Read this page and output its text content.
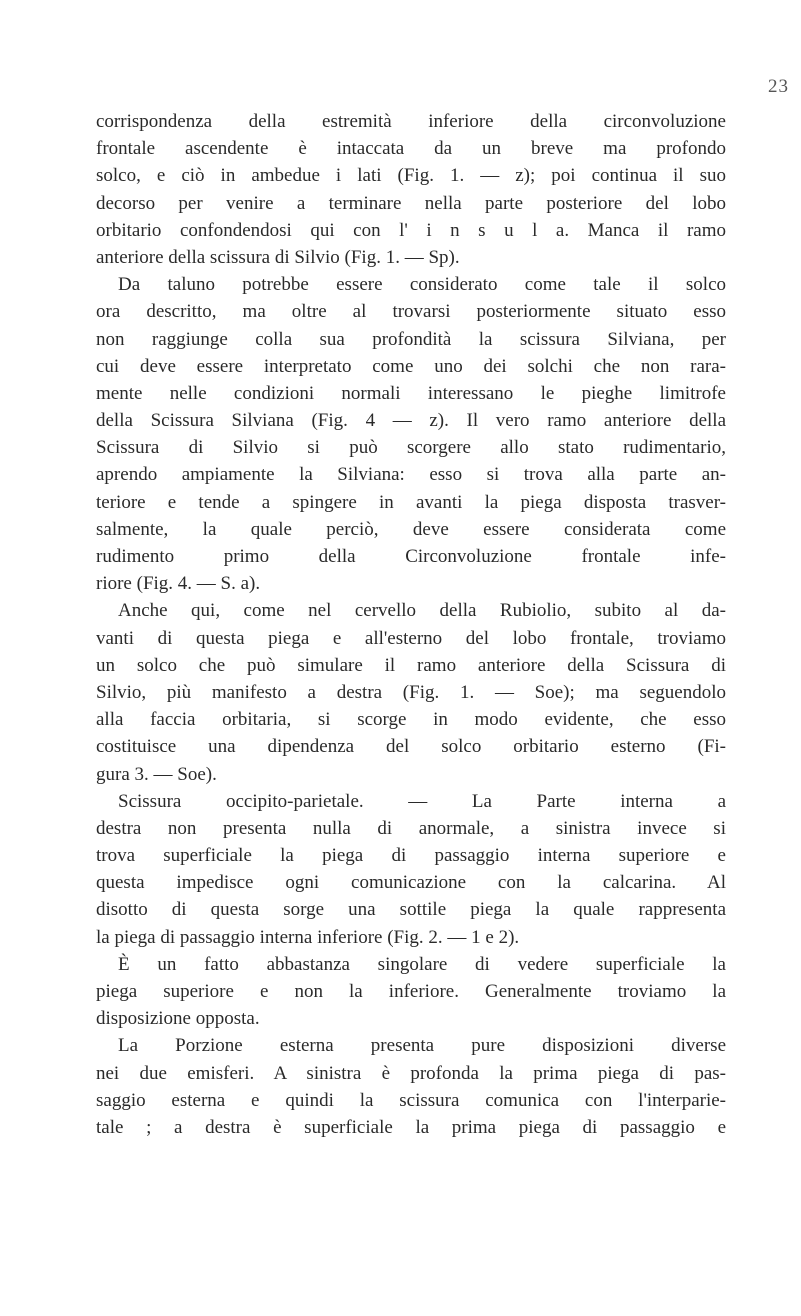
23
corrispondenza della estremità inferiore della circonvoluzione
frontale ascendente è intaccata da un breve ma profondo
solco, e ciò in ambedue i lati (Fig. 1. — z); poi continua il suo
decorso per venire a terminare nella parte posteriore del lobo
orbitario confondendosi qui con l' i n s u l a. Manca il ramo
anteriore della scissura di Silvio (Fig. 1. — Sp).
Da taluno potrebbe essere considerato come tale il solco
ora descritto, ma oltre al trovarsi posteriormente situato esso
non raggiunge colla sua profondità la scissura Silviana, per
cui deve essere interpretato come uno dei solchi che non rara-
mente nelle condizioni normali interessano le pieghe limitrofe
della Scissura Silviana (Fig. 4 — z). Il vero ramo anteriore della
Scissura di Silvio si può scorgere allo stato rudimentario,
aprendo ampiamente la Silviana: esso si trova alla parte an-
teriore e tende a spingere in avanti la piega disposta trasver-
salmente, la quale perciò, deve essere considerata come
rudimento primo della Circonvoluzione frontale infe-
riore (Fig. 4. — S. a).
Anche qui, come nel cervello della Rubiolio, subito al da-
vanti di questa piega e all'esterno del lobo frontale, troviamo
un solco che può simulare il ramo anteriore della Scissura di
Silvio, più manifesto a destra (Fig. 1. — Soe); ma seguendolo
alla faccia orbitaria, si scorge in modo evidente, che esso
costituisce una dipendenza del solco orbitario esterno (Fi-
gura 3. — Soe).
Scissura occipito-parietale. — La Parte interna a
destra non presenta nulla di anormale, a sinistra invece si
trova superficiale la piega di passaggio interna superiore e
questa impedisce ogni comunicazione con la calcarina. Al
disotto di questa sorge una sottile piega la quale rappresenta
la piega di passaggio interna inferiore (Fig. 2. — 1 e 2).
È un fatto abbastanza singolare di vedere superficiale la
piega superiore e non la inferiore. Generalmente troviamo la
disposizione opposta.
La Porzione esterna presenta pure disposizioni diverse
nei due emisferi. A sinistra è profonda la prima piega di pas-
saggio esterna e quindi la scissura comunica con l'interparie-
tale ; a destra è superficiale la prima piega di passaggio e
